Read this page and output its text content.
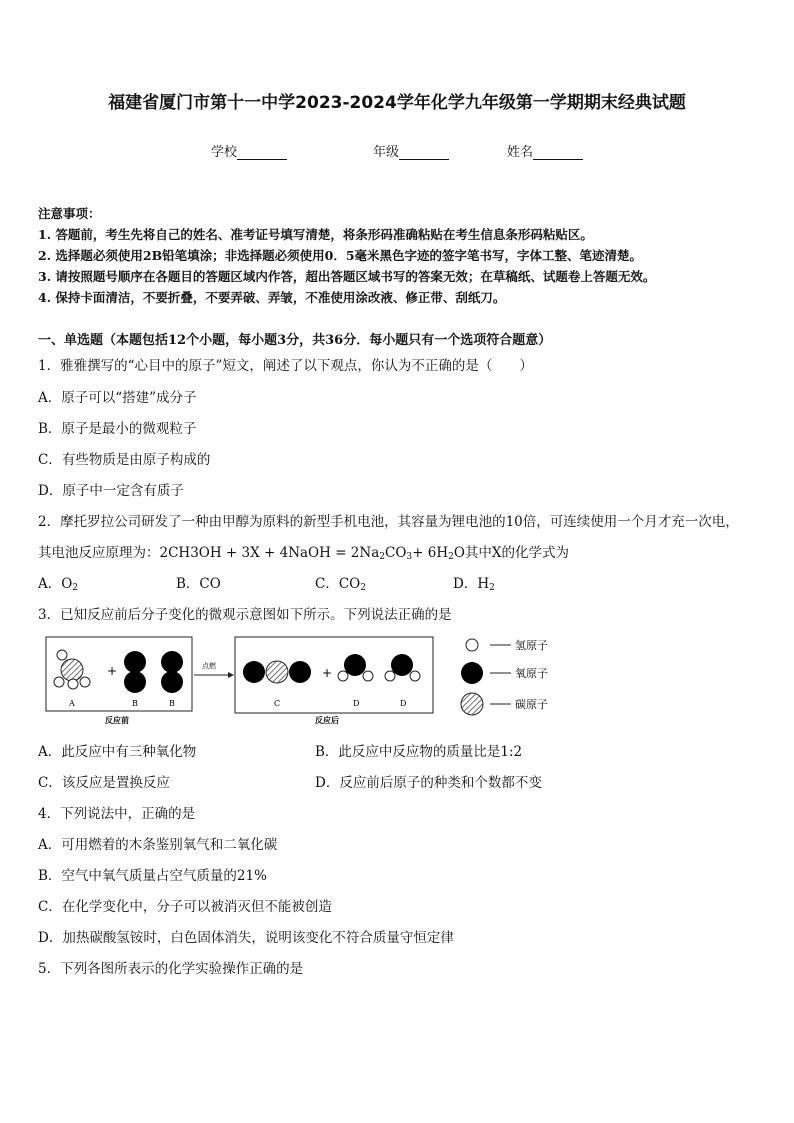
福建省厦门市第十一中学2023-2024学年化学九年级第一学期期末经典试题
学校	年级	姓名
注意事项：
1. 答题前，考生先将自己的姓名、准考证号填写清楚，将条形码准确粘贴在考生信息条形码粘贴区。
2. 选择题必须使用2B铅笔填涂；非选择题必须使用0．5毫米黑色字迹的签字笔书写，字体工整、笔迹清楚。
3. 请按照题号顺序在各题目的答题区域内作答，超出答题区域书写的答案无效；在草稿纸、试题卷上答题无效。
4. 保持卡面清洁，不要折叠，不要弄破、弄皱，不准使用涂改液、修正带、刮纸刀。
一、单选题（本题包括12个小题，每小题3分，共36分．每小题只有一个选项符合题意）
1．雅雅撰写的“心目中的原子”短文，阐述了以下观点，你认为不正确的是（　　）
A．原子可以“搭建”成分子
B．原子是最小的微观粒子
C．有些物质是由原子构成的
D．原子中一定含有质子
2．摩托罗拉公司研发了一种由甲醇为原料的新型手机电池，其容量为锂电池的10倍，可连续使用一个月才充一次电，
其电池反应原理为：2CH3OH + 3X + 4NaOH = $2Na_2CO_3+ 6H_2O$其中X的化学式为
A．$O_2$	B．CO	C．$CO_2$	D．$H_2$
3．已知反应前后分子变化的微观示意图如下所示。下列说法正确的是
+
A	B	B
反应前
点燃	+
C	D	D
反应后
氢原子
氧原子
碳原子
A．此反应中有三种氧化物	B．此反应中反应物的质量比是1:2
C．该反应是置换反应	D．反应前后原子的种类和个数都不变
4．下列说法中，正确的是
A．可用燃着的木条鉴别氧气和二氧化碳
B．空气中氧气质量占空气质量的21%
C．在化学变化中，分子可以被消灭但不能被创造
D．加热碳酸氢铵时，白色固体消失，说明该变化不符合质量守恒定律
5．下列各图所表示的化学实验操作正确的是
